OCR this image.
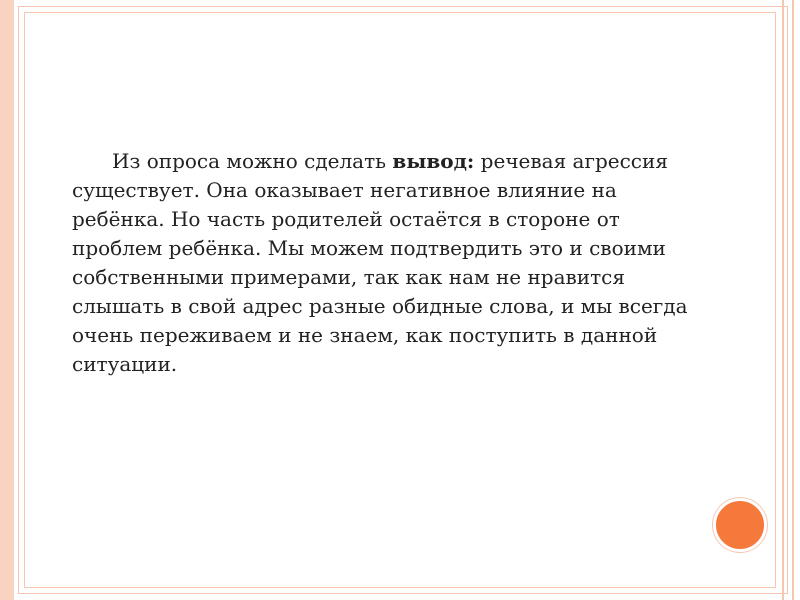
Из опроса можно сделать вывод: речевая агрессия существует. Она оказывает негативное влияние на ребёнка. Но часть родителей остаётся в стороне от проблем ребёнка. Мы можем подтвердить это и своими собственными примерами, так как нам не нравится слышать в свой адрес разные обидные слова, и мы всегда очень переживаем и не знаем, как поступить в данной ситуации.
